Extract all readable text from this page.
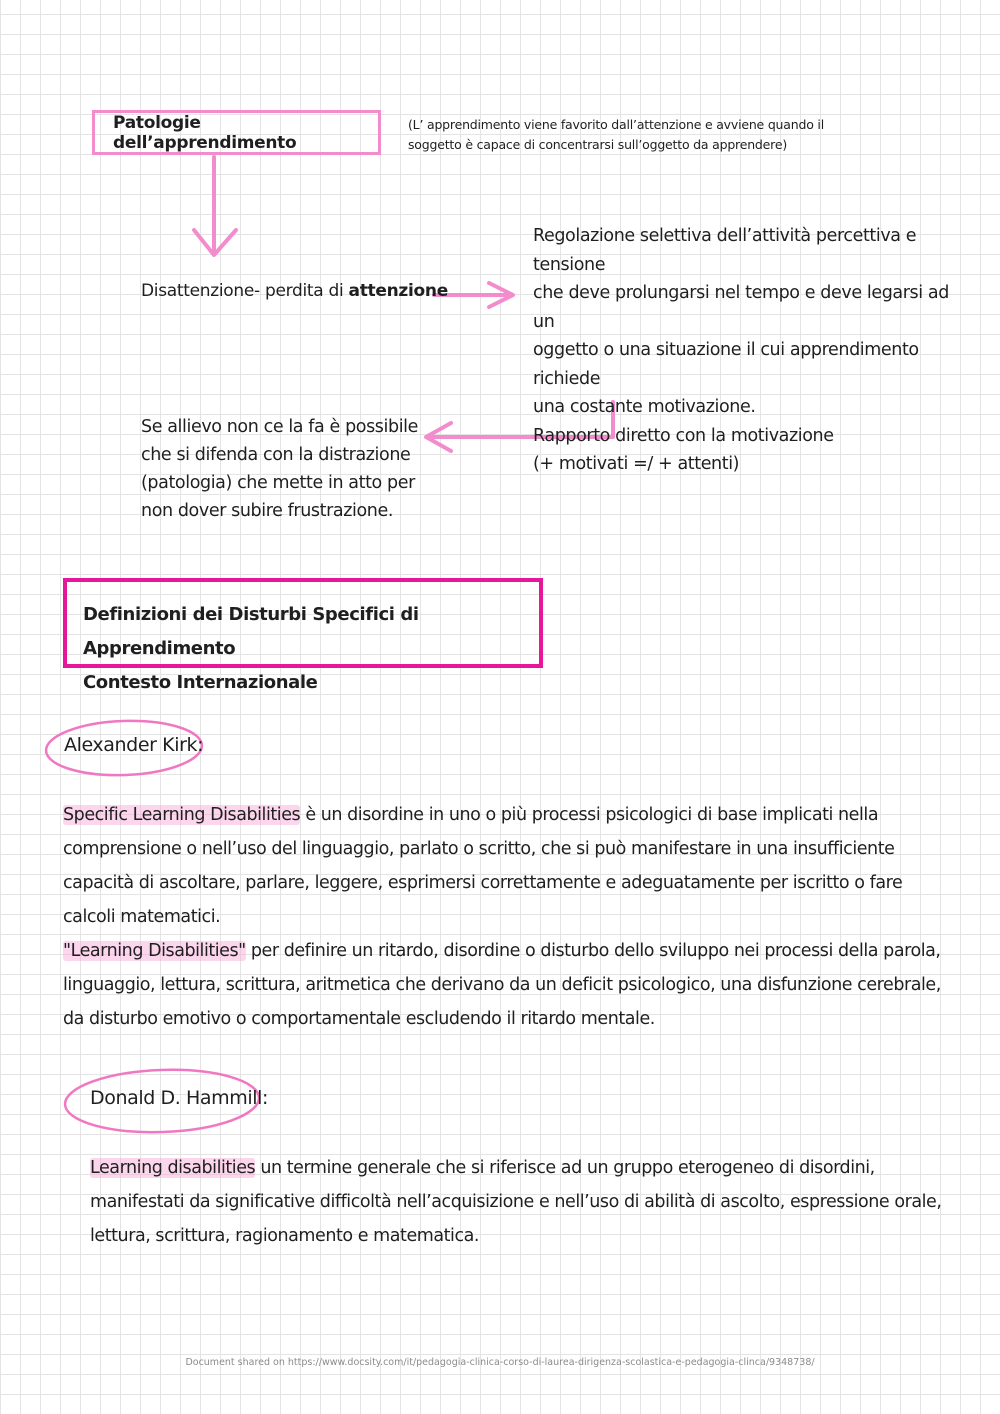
Patologie dell’apprendimento
(L’ apprendimento viene favorito dall’attenzione e avviene quando il soggetto è capace di concentrarsi sull’oggetto da apprendere)
Disattenzione- perdita di attenzione
Regolazione selettiva dell’attività percettiva e tensione
che deve prolungarsi nel tempo e deve legarsi ad un
oggetto o una situazione il cui apprendimento richiede
una costante motivazione.
Rapporto diretto con la motivazione
(+ motivati =/ + attenti)
Se allievo non ce la fa è possibile
che si difenda con la distrazione
(patologia) che mette in atto per
non dover subire frustrazione.
Definizioni dei Disturbi Specifici di Apprendimento
Contesto Internazionale
Alexander Kirk:
Specific Learning Disabilities è un disordine in uno o più processi psicologici di base implicati nella comprensione o nell’uso del linguaggio, parlato o scritto, che si può manifestare in una insufficiente capacità di ascoltare, parlare, leggere, esprimersi correttamente e adeguatamente per iscritto o fare calcoli matematici.
"Learning Disabilities" per definire un ritardo, disordine o disturbo dello sviluppo nei processi della parola, linguaggio, lettura, scrittura, aritmetica che derivano da un deficit psicologico, una disfunzione cerebrale, da disturbo emotivo o comportamentale escludendo il ritardo mentale.
Donald D. Hammill:
Learning disabilities un termine generale che si riferisce ad un gruppo eterogeneo di disordini, manifestati da significative difficoltà nell’acquisizione e nell’uso di abilità di ascolto, espressione orale, lettura, scrittura, ragionamento e matematica.
Document shared on https://www.docsity.com/it/pedagogia-clinica-corso-di-laurea-dirigenza-scolastica-e-pedagogia-clinca/9348738/
